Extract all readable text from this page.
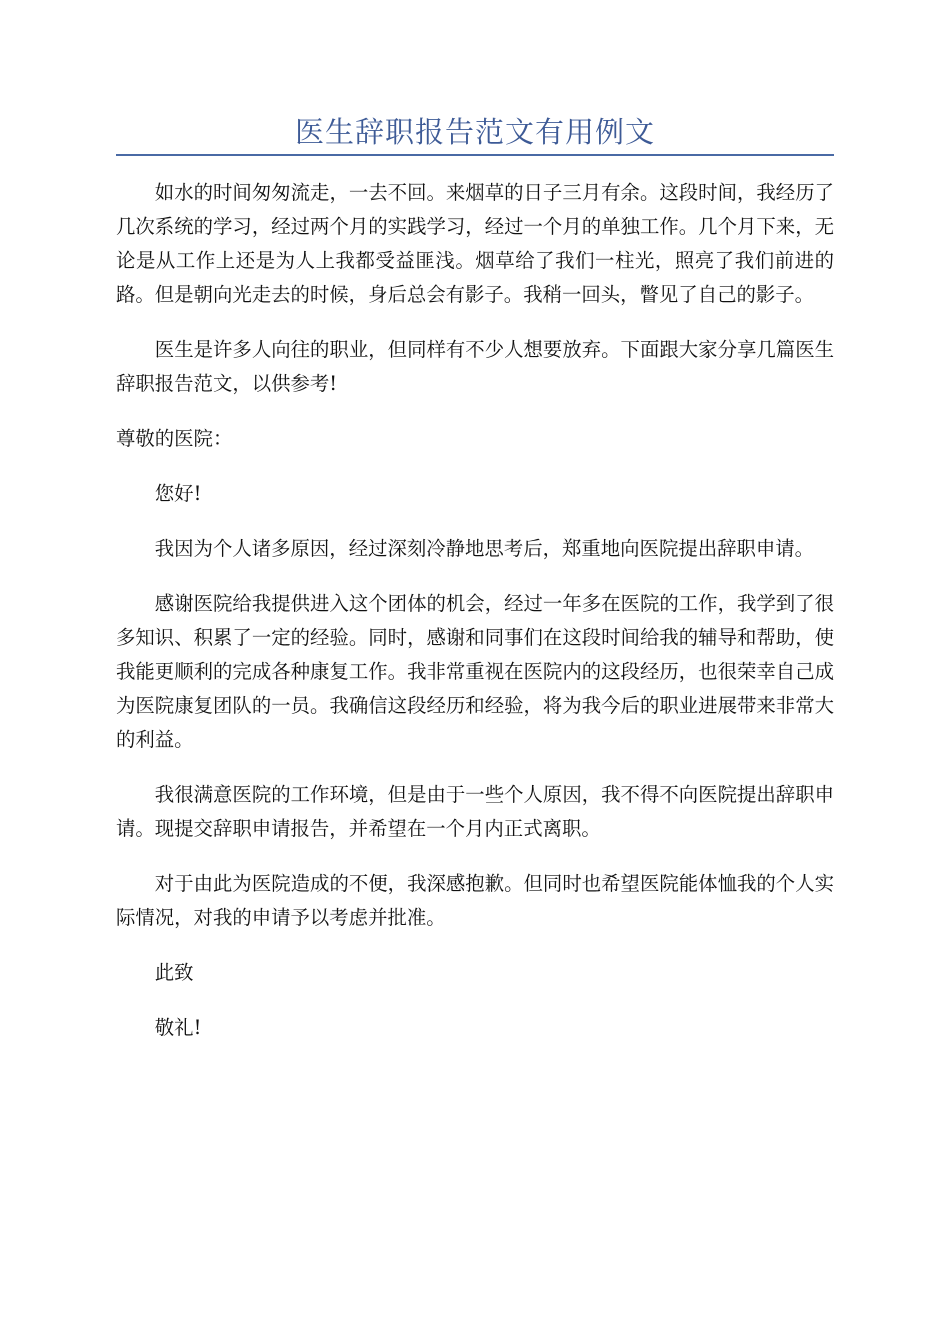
医生辞职报告范文有用例文

如水的时间匆匆流走，一去不回。来烟草的日子三月有余。这段时间，我经历了几次系统的学习，经过两个月的实践学习，经过一个月的单独工作。几个月下来，无论是从工作上还是为人上我都受益匪浅。烟草给了我们一柱光，照亮了我们前进的路。但是朝向光走去的时候，身后总会有影子。我稍一回头，瞥见了自己的影子。

医生是许多人向往的职业，但同样有不少人想要放弃。下面跟大家分享几篇医生辞职报告范文，以供参考!

尊敬的医院：

您好!

我因为个人诸多原因，经过深刻冷静地思考后，郑重地向医院提出辞职申请。

感谢医院给我提供进入这个团体的机会，经过一年多在医院的工作，我学到了很多知识、积累了一定的经验。同时，感谢和同事们在这段时间给我的辅导和帮助，使我能更顺利的完成各种康复工作。我非常重视在医院内的这段经历，也很荣幸自己成为医院康复团队的一员。我确信这段经历和经验，将为我今后的职业进展带来非常大的利益。

我很满意医院的工作环境，但是由于一些个人原因，我不得不向医院提出辞职申请。现提交辞职申请报告，并希望在一个月内正式离职。

对于由此为医院造成的不便，我深感抱歉。但同时也希望医院能体恤我的个人实际情况，对我的申请予以考虑并批准。

此致

敬礼!
